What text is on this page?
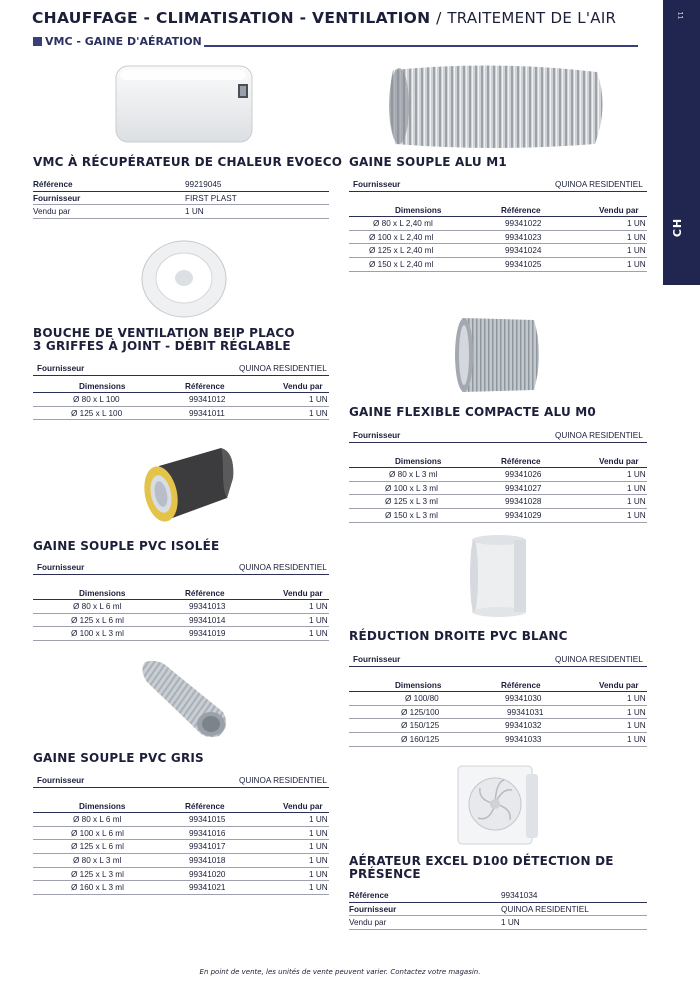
CHAUFFAGE - CLIMATISATION - VENTILATION / TRAITEMENT DE L'AIR
VMC - GAINE D'AÉRATION
11
CH
VMC À RÉCUPÉRATEUR DE CHALEUR EVOECO
Référence	99219045
Fournisseur	FIRST PLAST
Vendu par	1 UN
BOUCHE DE VENTILATION BEIP PLACO
3 GRIFFES À JOINT - DÉBIT RÉGLABLE
Fournisseur	QUINOA RESIDENTIEL
Dimensions	Référence	Vendu par
Ø 80 x L 100	99341012	1 UN
Ø 125 x L 100	99341011	1 UN
GAINE SOUPLE PVC ISOLÉE
Fournisseur	QUINOA RESIDENTIEL
Dimensions	Référence	Vendu par
Ø 80 x L 6 ml	99341013	1 UN
Ø 125 x L 6 ml	99341014	1 UN
Ø 100 x L 3 ml	99341019	1 UN
GAINE SOUPLE PVC GRIS
Fournisseur	QUINOA RESIDENTIEL
Dimensions	Référence	Vendu par
Ø 80 x L 6 ml	99341015	1 UN
Ø 100 x L 6 ml	99341016	1 UN
Ø 125 x L 6 ml	99341017	1 UN
Ø 80 x L 3 ml	99341018	1 UN
Ø 125 x L 3 ml	99341020	1 UN
Ø 160 x L 3 ml	99341021	1 UN
GAINE SOUPLE ALU M1
Fournisseur	QUINOA RESIDENTIEL
Dimensions	Référence	Vendu par
Ø 80 x L 2,40 ml	99341022	1 UN
Ø 100 x L 2,40 ml	99341023	1 UN
Ø 125 x L 2,40 ml	99341024	1 UN
Ø 150 x L 2,40 ml	99341025	1 UN
GAINE FLEXIBLE COMPACTE ALU M0
Fournisseur	QUINOA RESIDENTIEL
Dimensions	Référence	Vendu par
Ø 80 x L 3 ml	99341026	1 UN
Ø 100 x L 3 ml	99341027	1 UN
Ø 125 x L 3 ml	99341028	1 UN
Ø 150 x L 3 ml	99341029	1 UN
RÉDUCTION DROITE PVC BLANC
Fournisseur	QUINOA RESIDENTIEL
Dimensions	Référence	Vendu par
Ø 100/80	99341030	1 UN
Ø 125/100	99341031	1 UN
Ø 150/125	99341032	1 UN
Ø 160/125	99341033	1 UN
AÉRATEUR EXCEL D100 DÉTECTION DE
PRÉSENCE
Référence	99341034
Fournisseur	QUINOA RESIDENTIEL
Vendu par	1 UN
En point de vente, les unités de vente peuvent varier. Contactez votre magasin.
